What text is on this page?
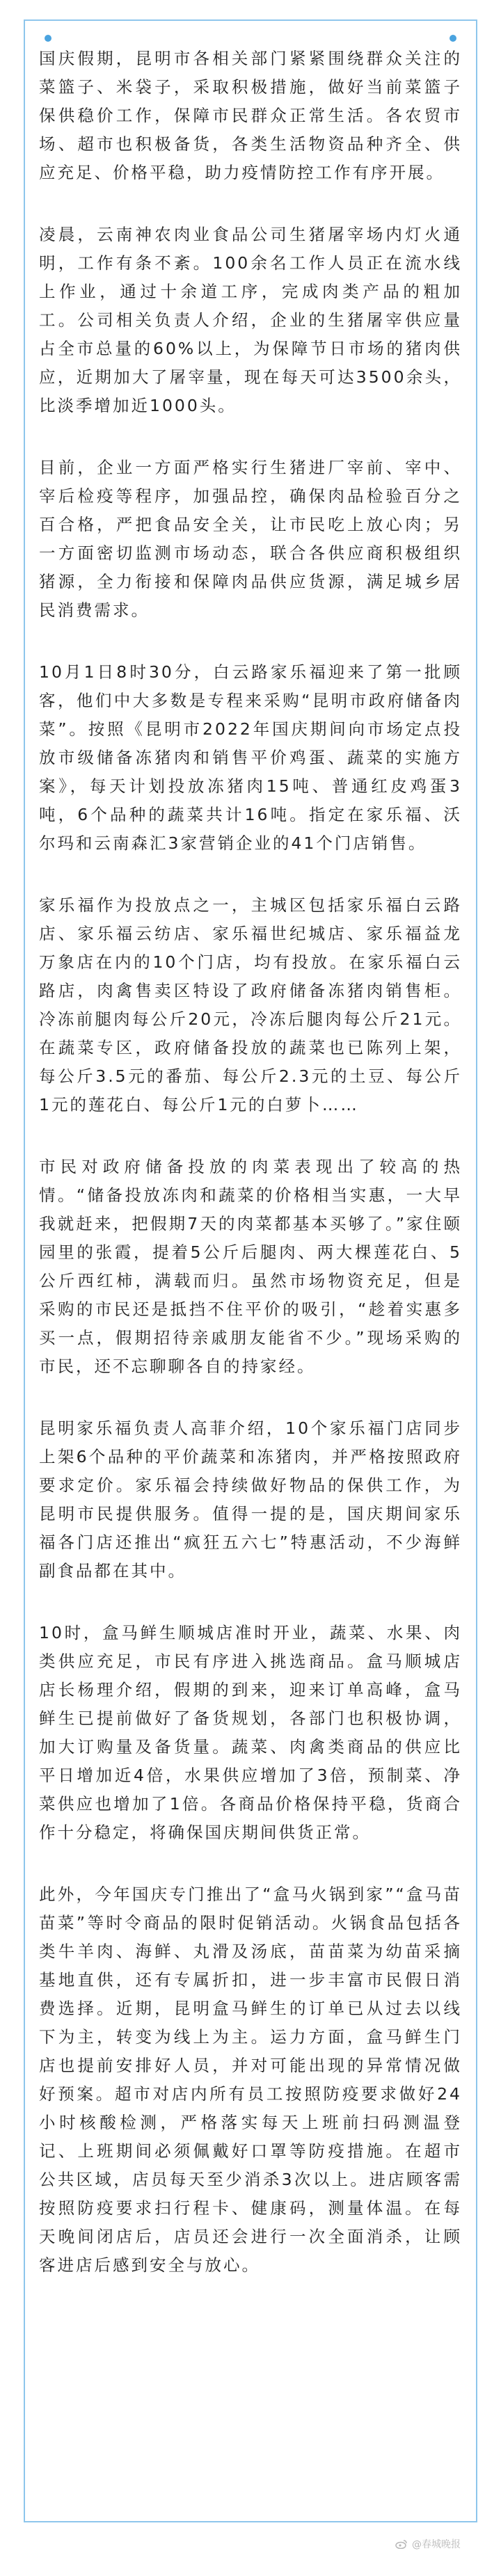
国庆假期，昆明市各相关部门紧紧围绕群众关注的菜篮子、米袋子，采取积极措施，做好当前菜篮子保供稳价工作，保障市民群众正常生活。各农贸市场、超市也积极备货，各类生活物资品种齐全、供应充足、价格平稳，助力疫情防控工作有序开展。

凌晨，云南神农肉业食品公司生猪屠宰场内灯火通明，工作有条不紊。100余名工作人员正在流水线上作业，通过十余道工序，完成肉类产品的粗加工。公司相关负责人介绍，企业的生猪屠宰供应量占全市总量的60%以上，为保障节日市场的猪肉供应，近期加大了屠宰量，现在每天可达3500余头，比淡季增加近1000头。

目前，企业一方面严格实行生猪进厂宰前、宰中、宰后检疫等程序，加强品控，确保肉品检验百分之百合格，严把食品安全关，让市民吃上放心肉；另一方面密切监测市场动态，联合各供应商积极组织猪源，全力衔接和保障肉品供应货源，满足城乡居民消费需求。

10月1日8时30分，白云路家乐福迎来了第一批顾客，他们中大多数是专程来采购“昆明市政府储备肉菜”。按照《昆明市2022年国庆期间向市场定点投放市级储备冻猪肉和销售平价鸡蛋、蔬菜的实施方案》，每天计划投放冻猪肉15吨、普通红皮鸡蛋3吨，6个品种的蔬菜共计16吨。指定在家乐福、沃尔玛和云南森汇3家营销企业的41个门店销售。

家乐福作为投放点之一，主城区包括家乐福白云路店、家乐福云纺店、家乐福世纪城店、家乐福益龙万象店在内的10个门店，均有投放。在家乐福白云路店，肉禽售卖区特设了政府储备冻猪肉销售柜。冷冻前腿肉每公斤20元，冷冻后腿肉每公斤21元。在蔬菜专区，政府储备投放的蔬菜也已陈列上架，每公斤3.5元的番茄、每公斤2.3元的土豆、每公斤1元的莲花白、每公斤1元的白萝卜……

市民对政府储备投放的肉菜表现出了较高的热情。“储备投放冻肉和蔬菜的价格相当实惠，一大早我就赶来，把假期7天的肉菜都基本买够了。”家住颐园里的张霞，提着5公斤后腿肉、两大棵莲花白、5公斤西红柿，满载而归。虽然市场物资充足，但是采购的市民还是抵挡不住平价的吸引，“趁着实惠多买一点，假期招待亲戚朋友能省不少。”现场采购的市民，还不忘聊聊各自的持家经。

昆明家乐福负责人高菲介绍，10个家乐福门店同步上架6个品种的平价蔬菜和冻猪肉，并严格按照政府要求定价。家乐福会持续做好物品的保供工作，为昆明市民提供服务。值得一提的是，国庆期间家乐福各门店还推出“疯狂五六七”特惠活动，不少海鲜副食品都在其中。

10时，盒马鲜生顺城店准时开业，蔬菜、水果、肉类供应充足，市民有序进入挑选商品。盒马顺城店店长杨理介绍，假期的到来，迎来订单高峰，盒马鲜生已提前做好了备货规划，各部门也积极协调，加大订购量及备货量。蔬菜、肉禽类商品的供应比平日增加近4倍，水果供应增加了3倍，预制菜、净菜供应也增加了1倍。各商品价格保持平稳，货商合作十分稳定，将确保国庆期间供货正常。

此外，今年国庆专门推出了“盒马火锅到家”“盒马苗苗菜”等时令商品的限时促销活动。火锅食品包括各类牛羊肉、海鲜、丸滑及汤底，苗苗菜为幼苗采摘基地直供，还有专属折扣，进一步丰富市民假日消费选择。近期，昆明盒马鲜生的订单已从过去以线下为主，转变为线上为主。运力方面，盒马鲜生门店也提前安排好人员，并对可能出现的异常情况做好预案。超市对店内所有员工按照防疫要求做好24小时核酸检测，严格落实每天上班前扫码测温登记、上班期间必须佩戴好口罩等防疫措施。在超市公共区域，店员每天至少消杀3次以上。进店顾客需按照防疫要求扫行程卡、健康码，测量体温。在每天晚间闭店后，店员还会进行一次全面消杀，让顾客进店后感到安全与放心。

@春城晚报
